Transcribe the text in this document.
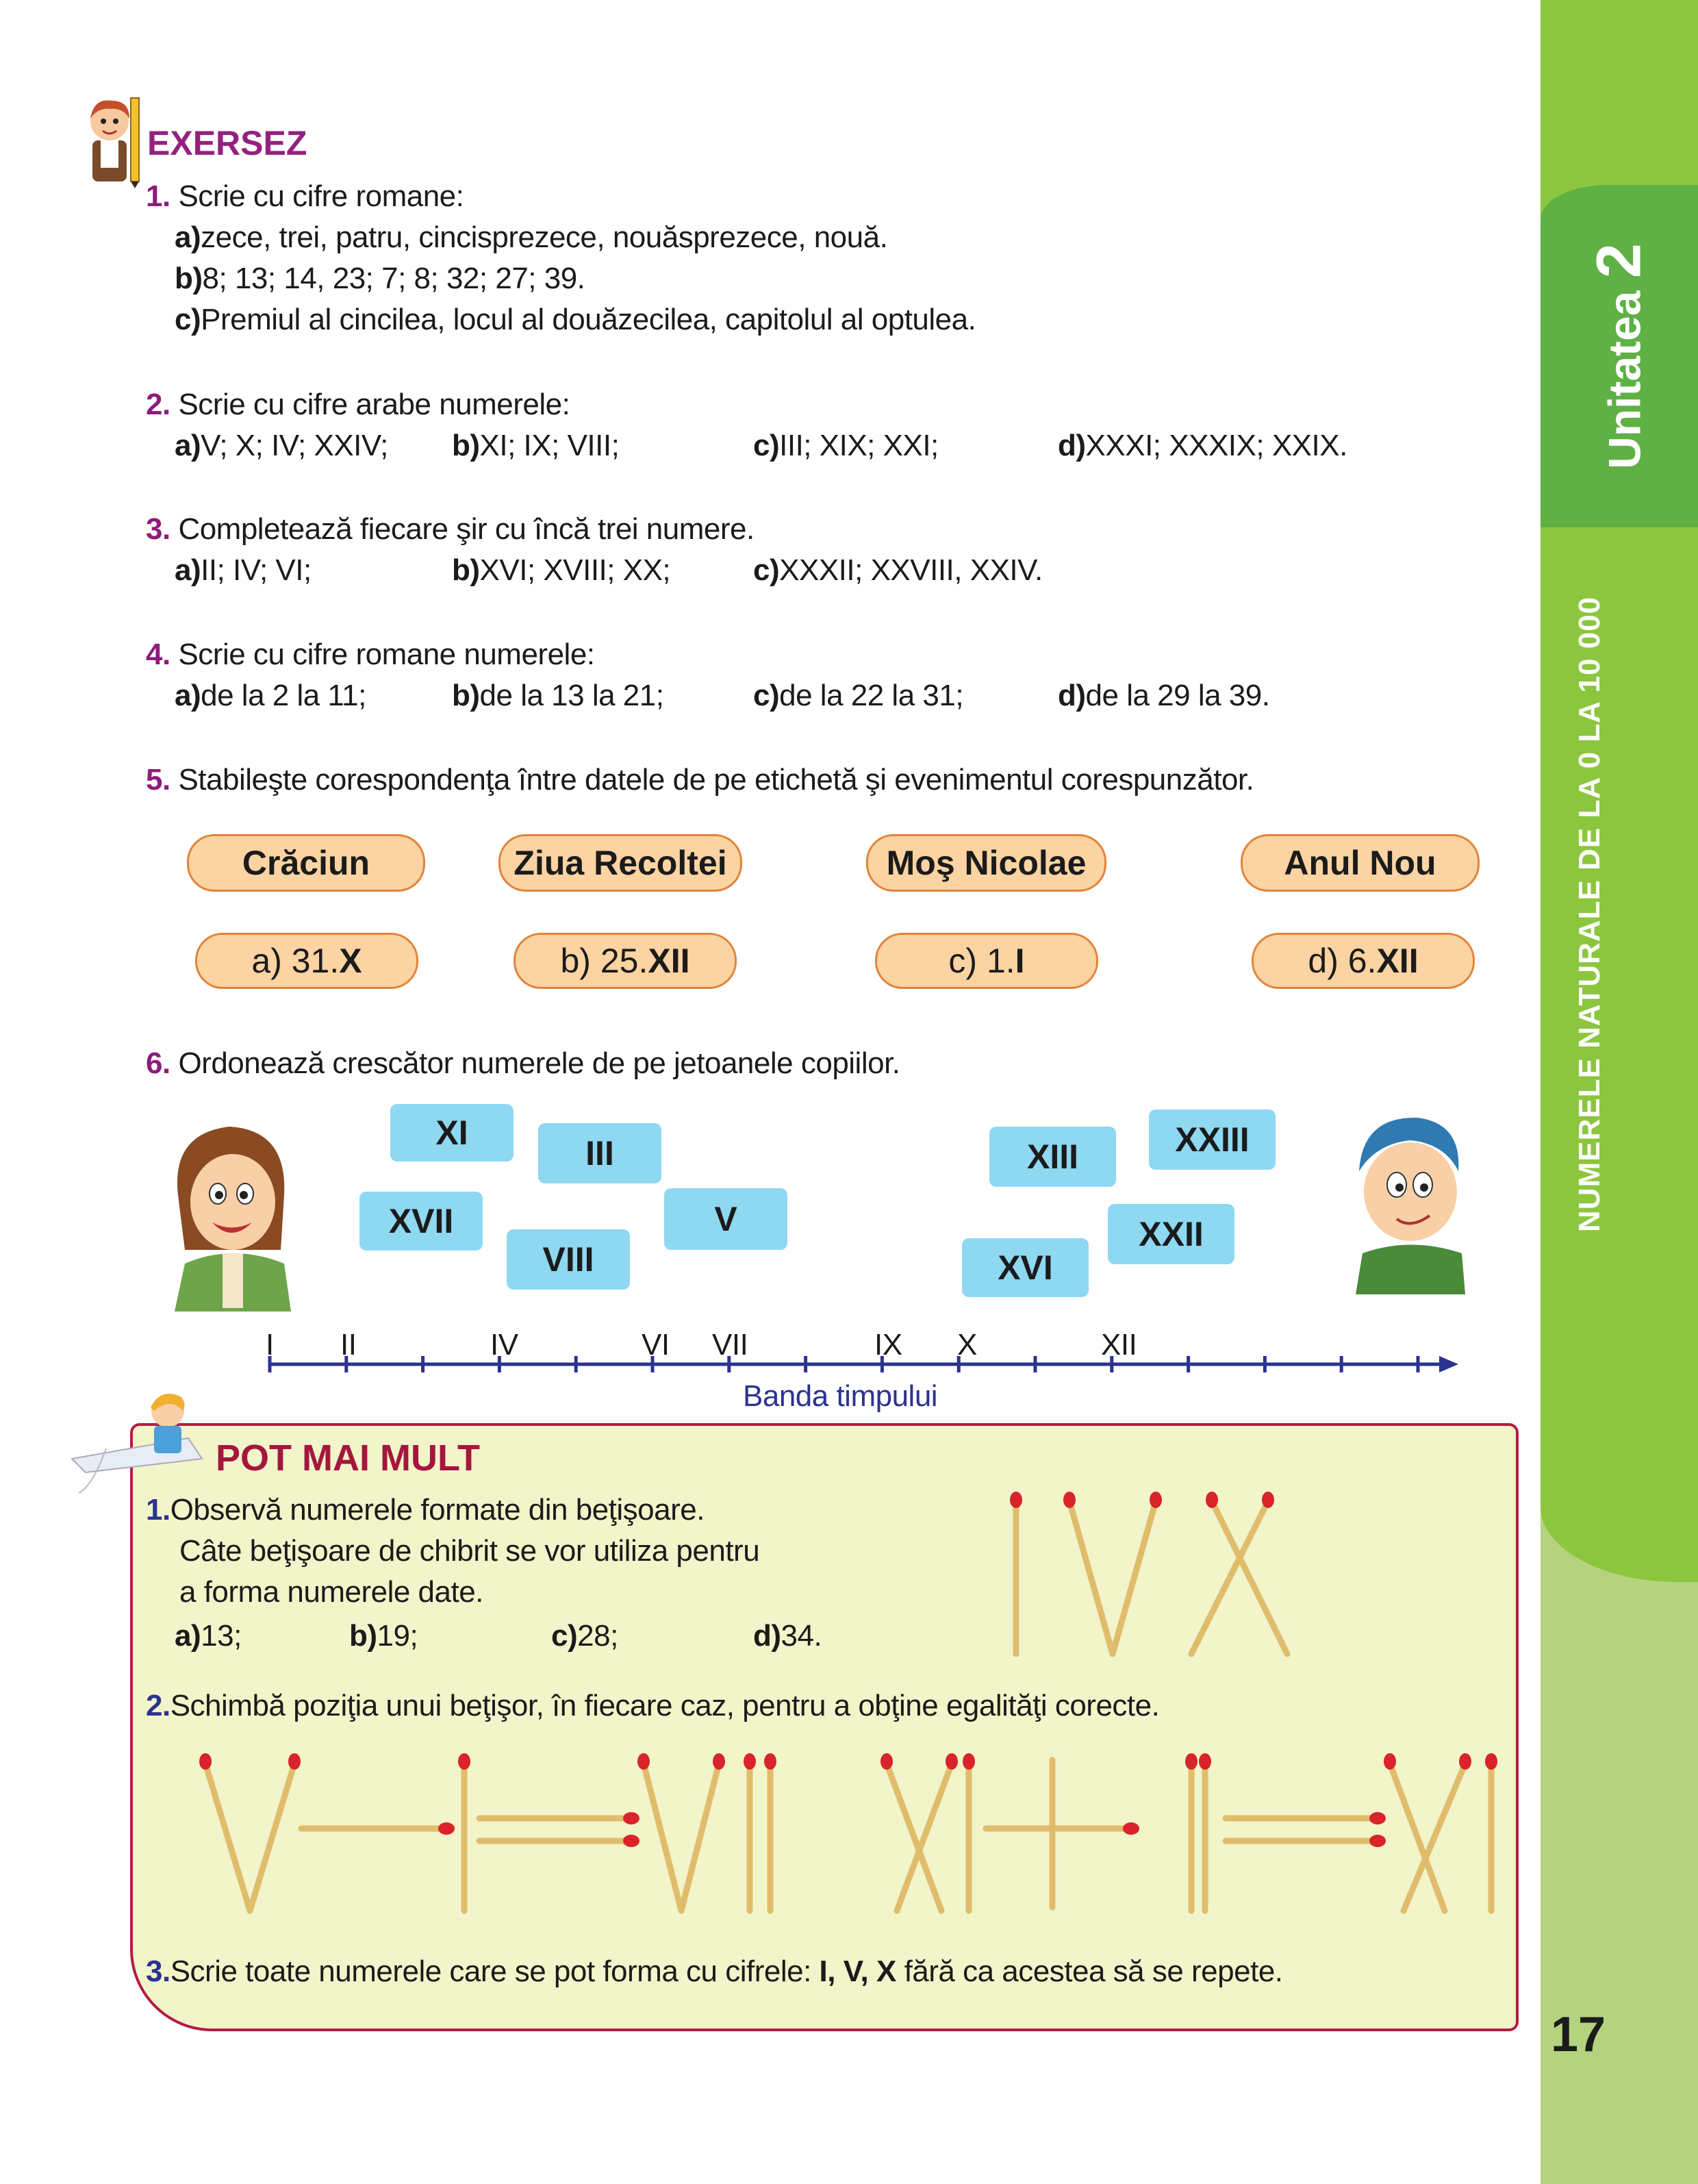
Unitatea 2
NUMERELE NATURALE DE LA 0 LA 10 000
17
EXERSEZ
1. Scrie cu cifre romane:
a)zece, trei, patru, cincisprezece, nouăsprezece, nouă.
b)8; 13; 14, 23; 7; 8; 32; 27; 39.
c)Premiul al cincilea, locul al douăzecilea, capitolul al optulea.
2. Scrie cu cifre arabe numerele:
a)V; X; IV; XXIV; b)XI; IX; VIII;	c)III; XIX; XXI;	d)XXXI; XXXIX; XXIX.
3. Completează fiecare şir cu încă trei numere.
a)II; IV; VI;	b)XVI; XVIII; XX;	c)XXXII; XXVIII, XXIV.
4. Scrie cu cifre romane numerele:
a)de la 2 la 11;	b)de la 13 la 21;	c)de la 22 la 31;	d)de la 29 la 39.
5. Stabileşte corespondenţa între datele de pe etichetă şi evenimentul corespunzător.
Crăciun	Ziua Recoltei	Moş Nicolae	Anul Nou
a) 31.X	b) 25.XII	c) 1.I	d) 6.XII
6. Ordonează crescător numerele de pe jetoanele copiilor.
XI
III
XVII	V
VIII
XXIII
XIII
XXII
XVI
I II	IV	VI VII	IX X	XII
Banda timpului
POT MAI MULT
1.Observă numerele formate din beţişoare.
Câte beţişoare de chibrit se vor utiliza pentru
a forma numerele date.
a)13;	b)19;	c)28;	d)34.
2.Schimbă poziţia unui beţişor, în fiecare caz, pentru a obţine egalităţi corecte.
3.Scrie toate numerele care se pot forma cu cifrele: I, V, X fără ca acestea să se repete.
